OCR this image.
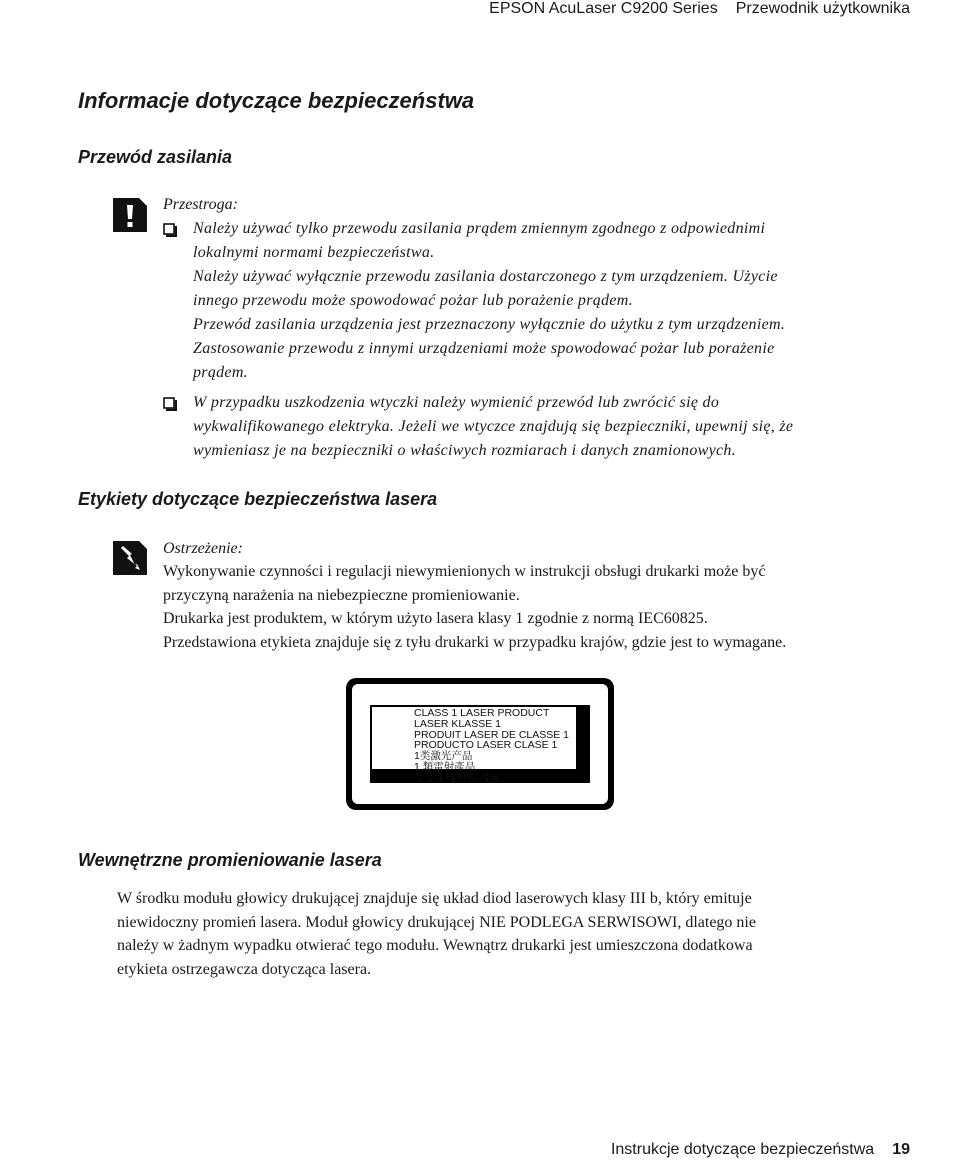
EPSON AcuLaser C9200 Series Przewodnik użytkownika
Informacje dotyczące bezpieczeństwa
Przewód zasilania
Przestroga:
Należy używać tylko przewodu zasilania prądem zmiennym zgodnego z odpowiednimi
lokalnymi normami bezpieczeństwa.
Należy używać wyłącznie przewodu zasilania dostarczonego z tym urządzeniem. Użycie
innego przewodu może spowodować pożar lub porażenie prądem.
Przewód zasilania urządzenia jest przeznaczony wyłącznie do użytku z tym urządzeniem.
Zastosowanie przewodu z innymi urządzeniami może spowodować pożar lub porażenie
prądem.
W przypadku uszkodzenia wtyczki należy wymienić przewód lub zwrócić się do
wykwalifikowanego elektryka. Jeżeli we wtyczce znajdują się bezpieczniki, upewnij się, że
wymieniasz je na bezpieczniki o właściwych rozmiarach i danych znamionowych.
Etykiety dotyczące bezpieczeństwa lasera
Ostrzeżenie:
Wykonywanie czynności i regulacji niewymienionych w instrukcji obsługi drukarki może być
przyczyną narażenia na niebezpieczne promieniowanie.
Drukarka jest produktem, w którym użyto lasera klasy 1 zgodnie z normą IEC60825.
Przedstawiona etykieta znajduje się z tyłu drukarki w przypadku krajów, gdzie jest to wymagane.
CLASS 1 LASER PRODUCT
LASER KLASSE 1
PRODUIT LASER DE CLASSE 1
PRODUCTO LASER CLASE 1
1类激光产品
1 類雷射產品
등급 1 레이저 제품
Wewnętrzne promieniowanie lasera
W środku modułu głowicy drukującej znajduje się układ diod laserowych klasy III b, który emituje
niewidoczny promień lasera. Moduł głowicy drukującej NIE PODLEGA SERWISOWI, dlatego nie
należy w żadnym wypadku otwierać tego modułu. Wewnątrz drukarki jest umieszczona dodatkowa
etykieta ostrzegawcza dotycząca lasera.
Instrukcje dotyczące bezpieczeństwa 19
